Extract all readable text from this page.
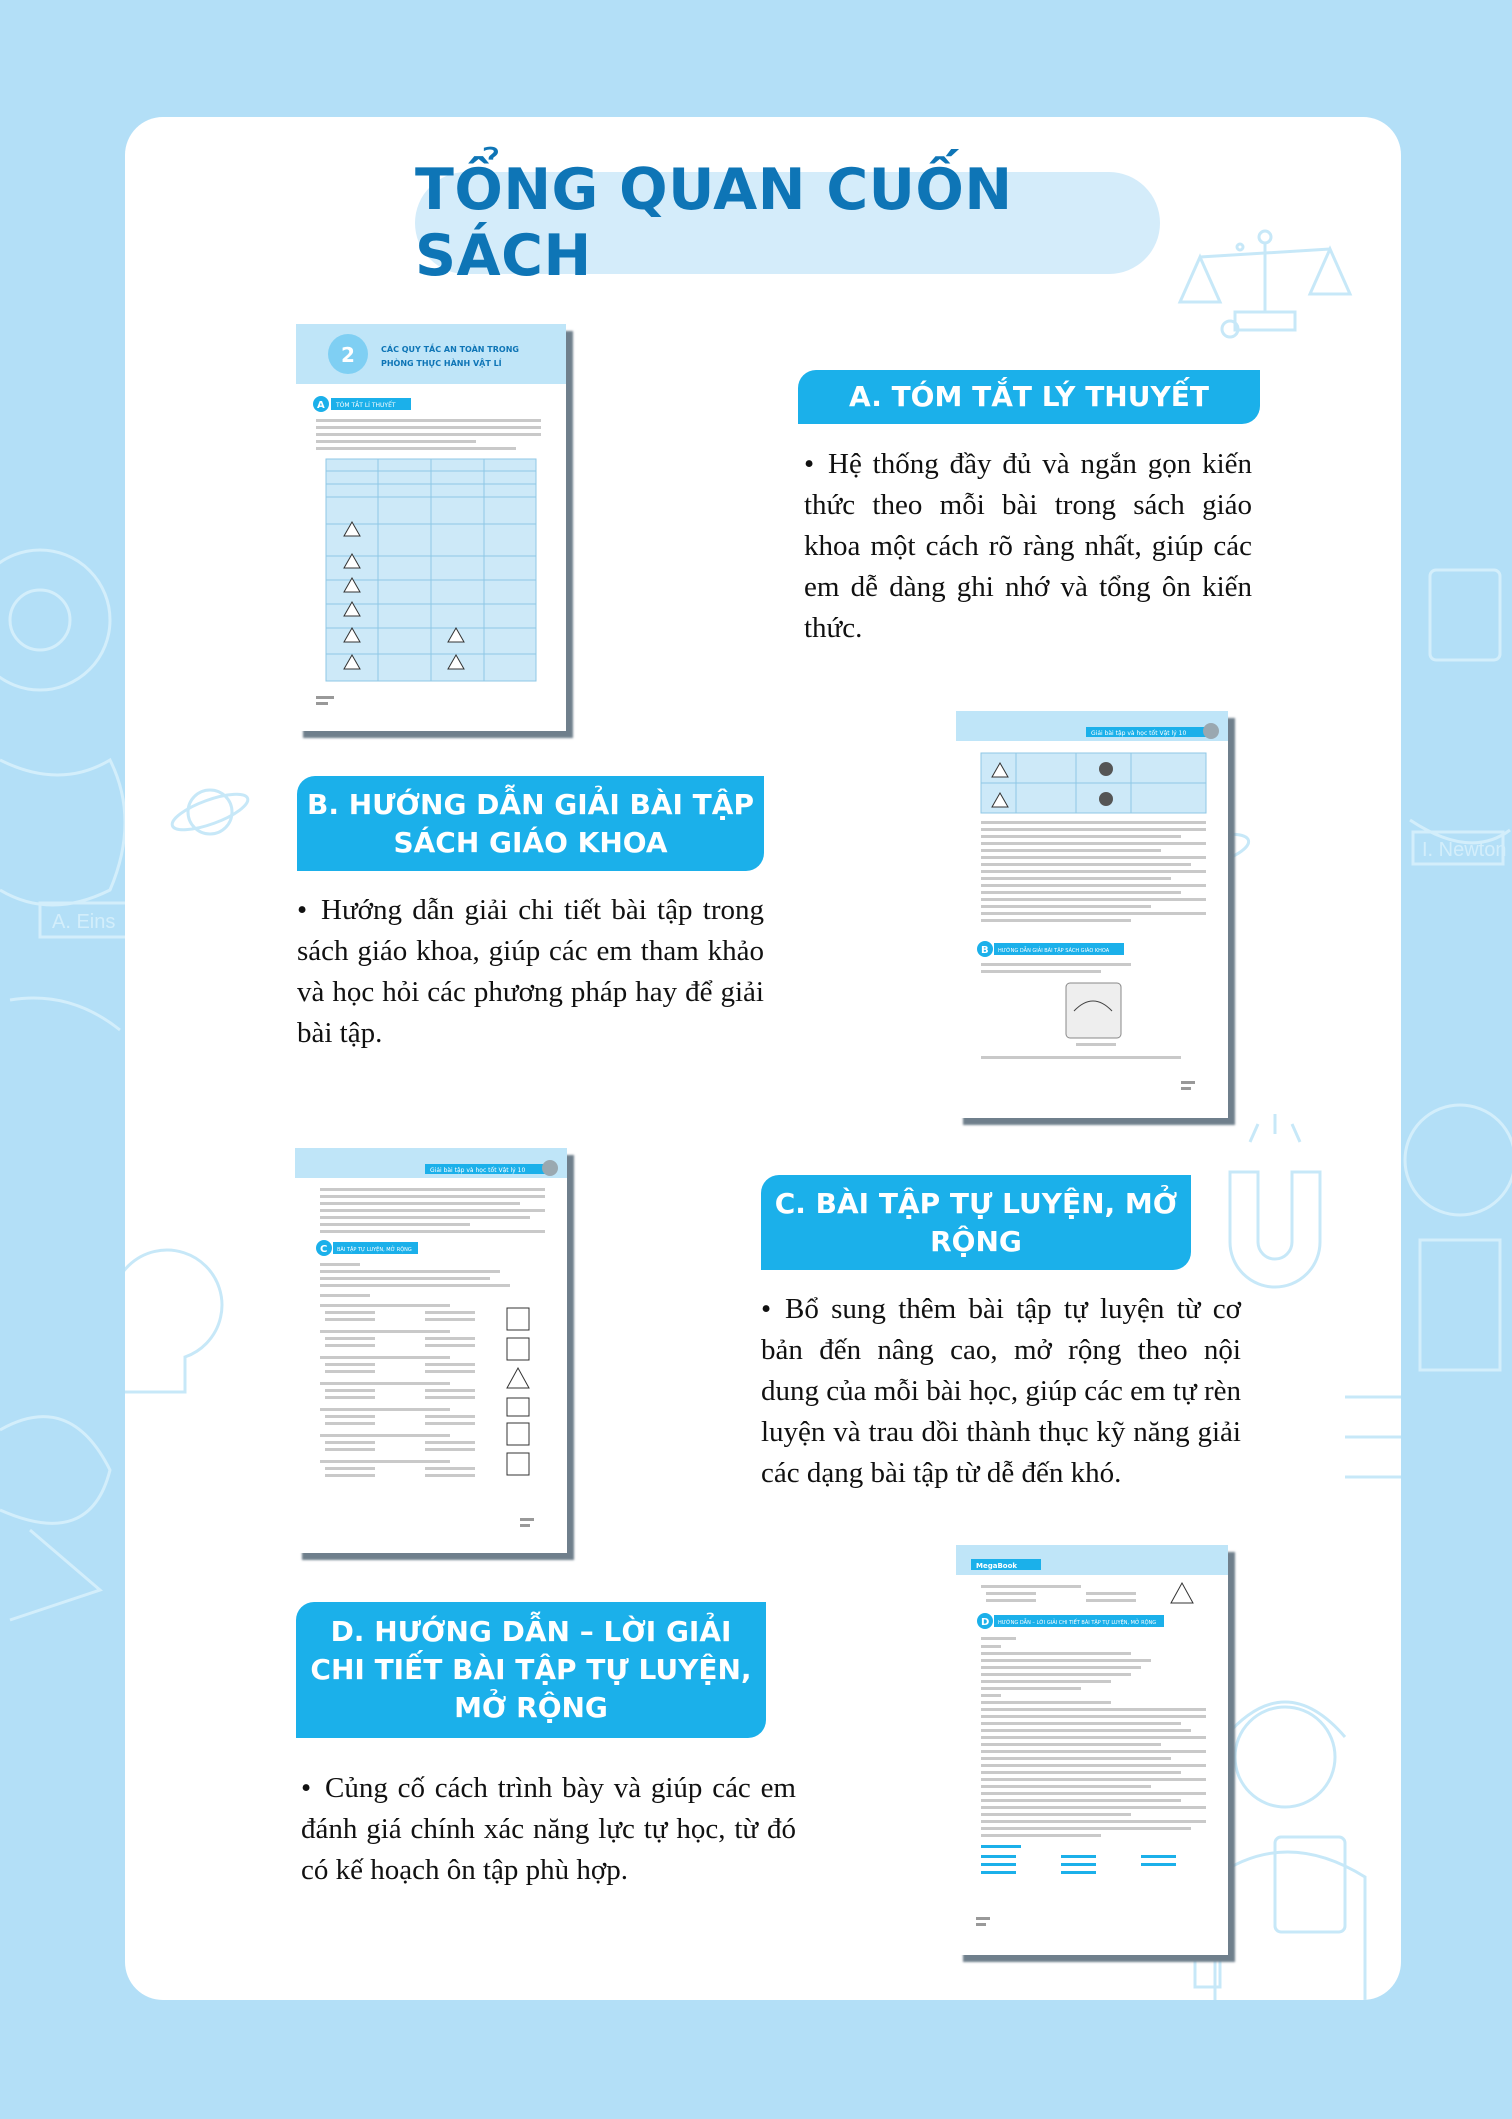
A. Eins
I. Newton
TỔNG QUAN CUỐN SÁCH
2	CÁC QUY TẮC AN TOÀN TRONG
PHÒNG THỰC HÀNH VẬT LÍ
A TÓM TẮT LÍ THUYẾT	A. TÓM TẮT LÝ THUYẾT
• Hệ thống đầy đủ và ngắn gọn kiến thức theo mỗi bài trong sách giáo khoa một cách rõ ràng nhất, giúp các em dễ dàng ghi nhớ và tổng ôn kiến thức.
Giải bài tập và học tốt Vật lý 10
B HƯỚNG DẪN GIẢI BÀI TẬP SÁCH GIÁO KHOA
B. HƯỚNG DẪN GIẢI BÀI TẬP SÁCH GIÁO KHOA
• Hướng dẫn giải chi tiết bài tập trong sách giáo khoa, giúp các em tham khảo và học hỏi các phương pháp hay để giải bài tập.
Giải bài tập và học tốt Vật lý 10
C BÀI TẬP TỰ LUYỆN, MỞ RỘNG
C. BÀI TẬP TỰ LUYỆN, MỞ RỘNG
• Bổ sung thêm bài tập tự luyện từ cơ bản đến nâng cao, mở rộng theo nội dung của mỗi bài học, giúp các em tự rèn luyện và trau dồi thành thục kỹ năng giải các dạng bài tập từ dễ đến khó.
MegaBook
D HƯỚNG DẪN – LỜI GIẢI CHI TIẾT BÀI TẬP TỰ LUYỆN, MỞ RỘNG
D. HƯỚNG DẪN – LỜI GIẢI CHI TIẾT BÀI TẬP TỰ LUYỆN, MỞ RỘNG
• Củng cố cách trình bày và giúp các em đánh giá chính xác năng lực tự học, từ đó có kế hoạch ôn tập phù hợp.
